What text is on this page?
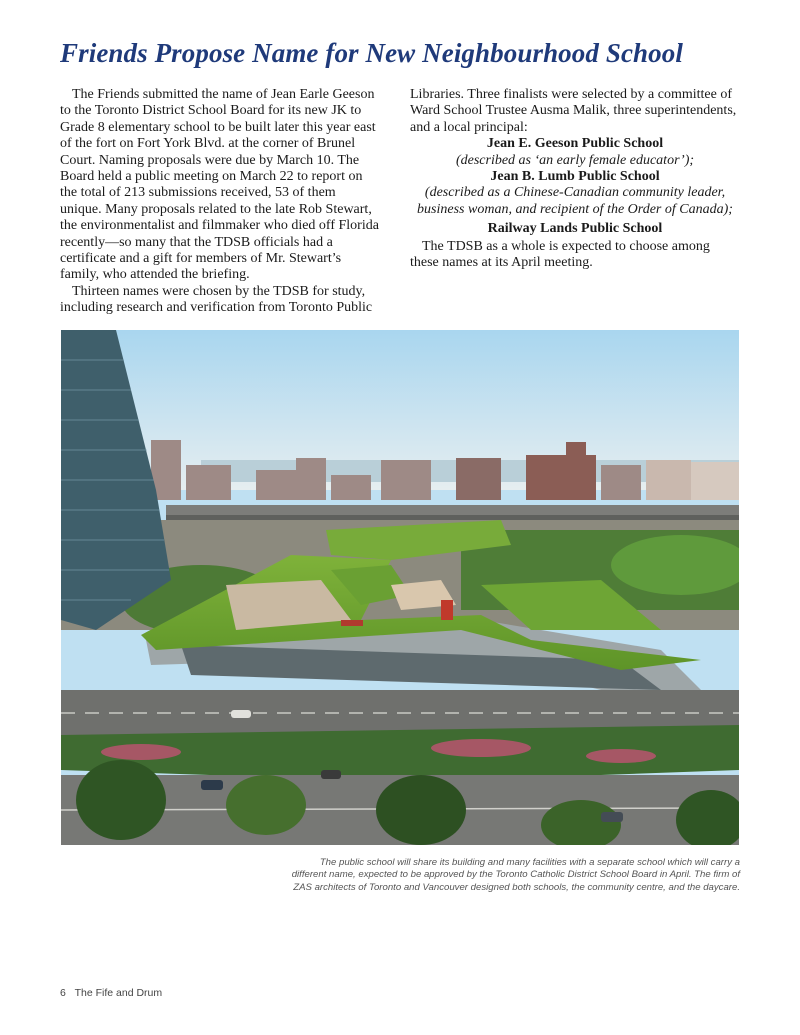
Friends Propose Name for New Neighbourhood School

The Friends submitted the name of Jean Earle Geeson to the Toronto District School Board for its new JK to Grade 8 elementary school to be built later this year east of the fort on Fort York Blvd. at the corner of Brunel Court. Naming proposals were due by March 10. The Board held a public meeting on March 22 to report on the total of 213 submissions received, 53 of them unique. Many proposals related to the late Rob Stewart, the environmentalist and filmmaker who died off Florida recently—so many that the TDSB officials had a certificate and a gift for members of Mr. Stewart’s family, who attended the briefing.

Thirteen names were chosen by the TDSB for study, including research and verification from Toronto Public

Libraries. Three finalists were selected by a committee of Ward School Trustee Ausma Malik, three superintendents, and a local principal:

Jean E. Geeson Public School

(described as ‘an early female educator’);

Jean B. Lumb Public School

(described as a Chinese-Canadian community leader, business woman, and recipient of the Order of Canada);

Railway Lands Public School

The TDSB as a whole is expected to choose among these names at its April meeting.

The public school will share its building and many facilities with a separate school which will carry a different name, expected to be approved by the Toronto Catholic District School Board in April. The firm of ZAS architects of Toronto and Vancouver designed both schools, the community centre, and the daycare.

6 The Fife and Drum
